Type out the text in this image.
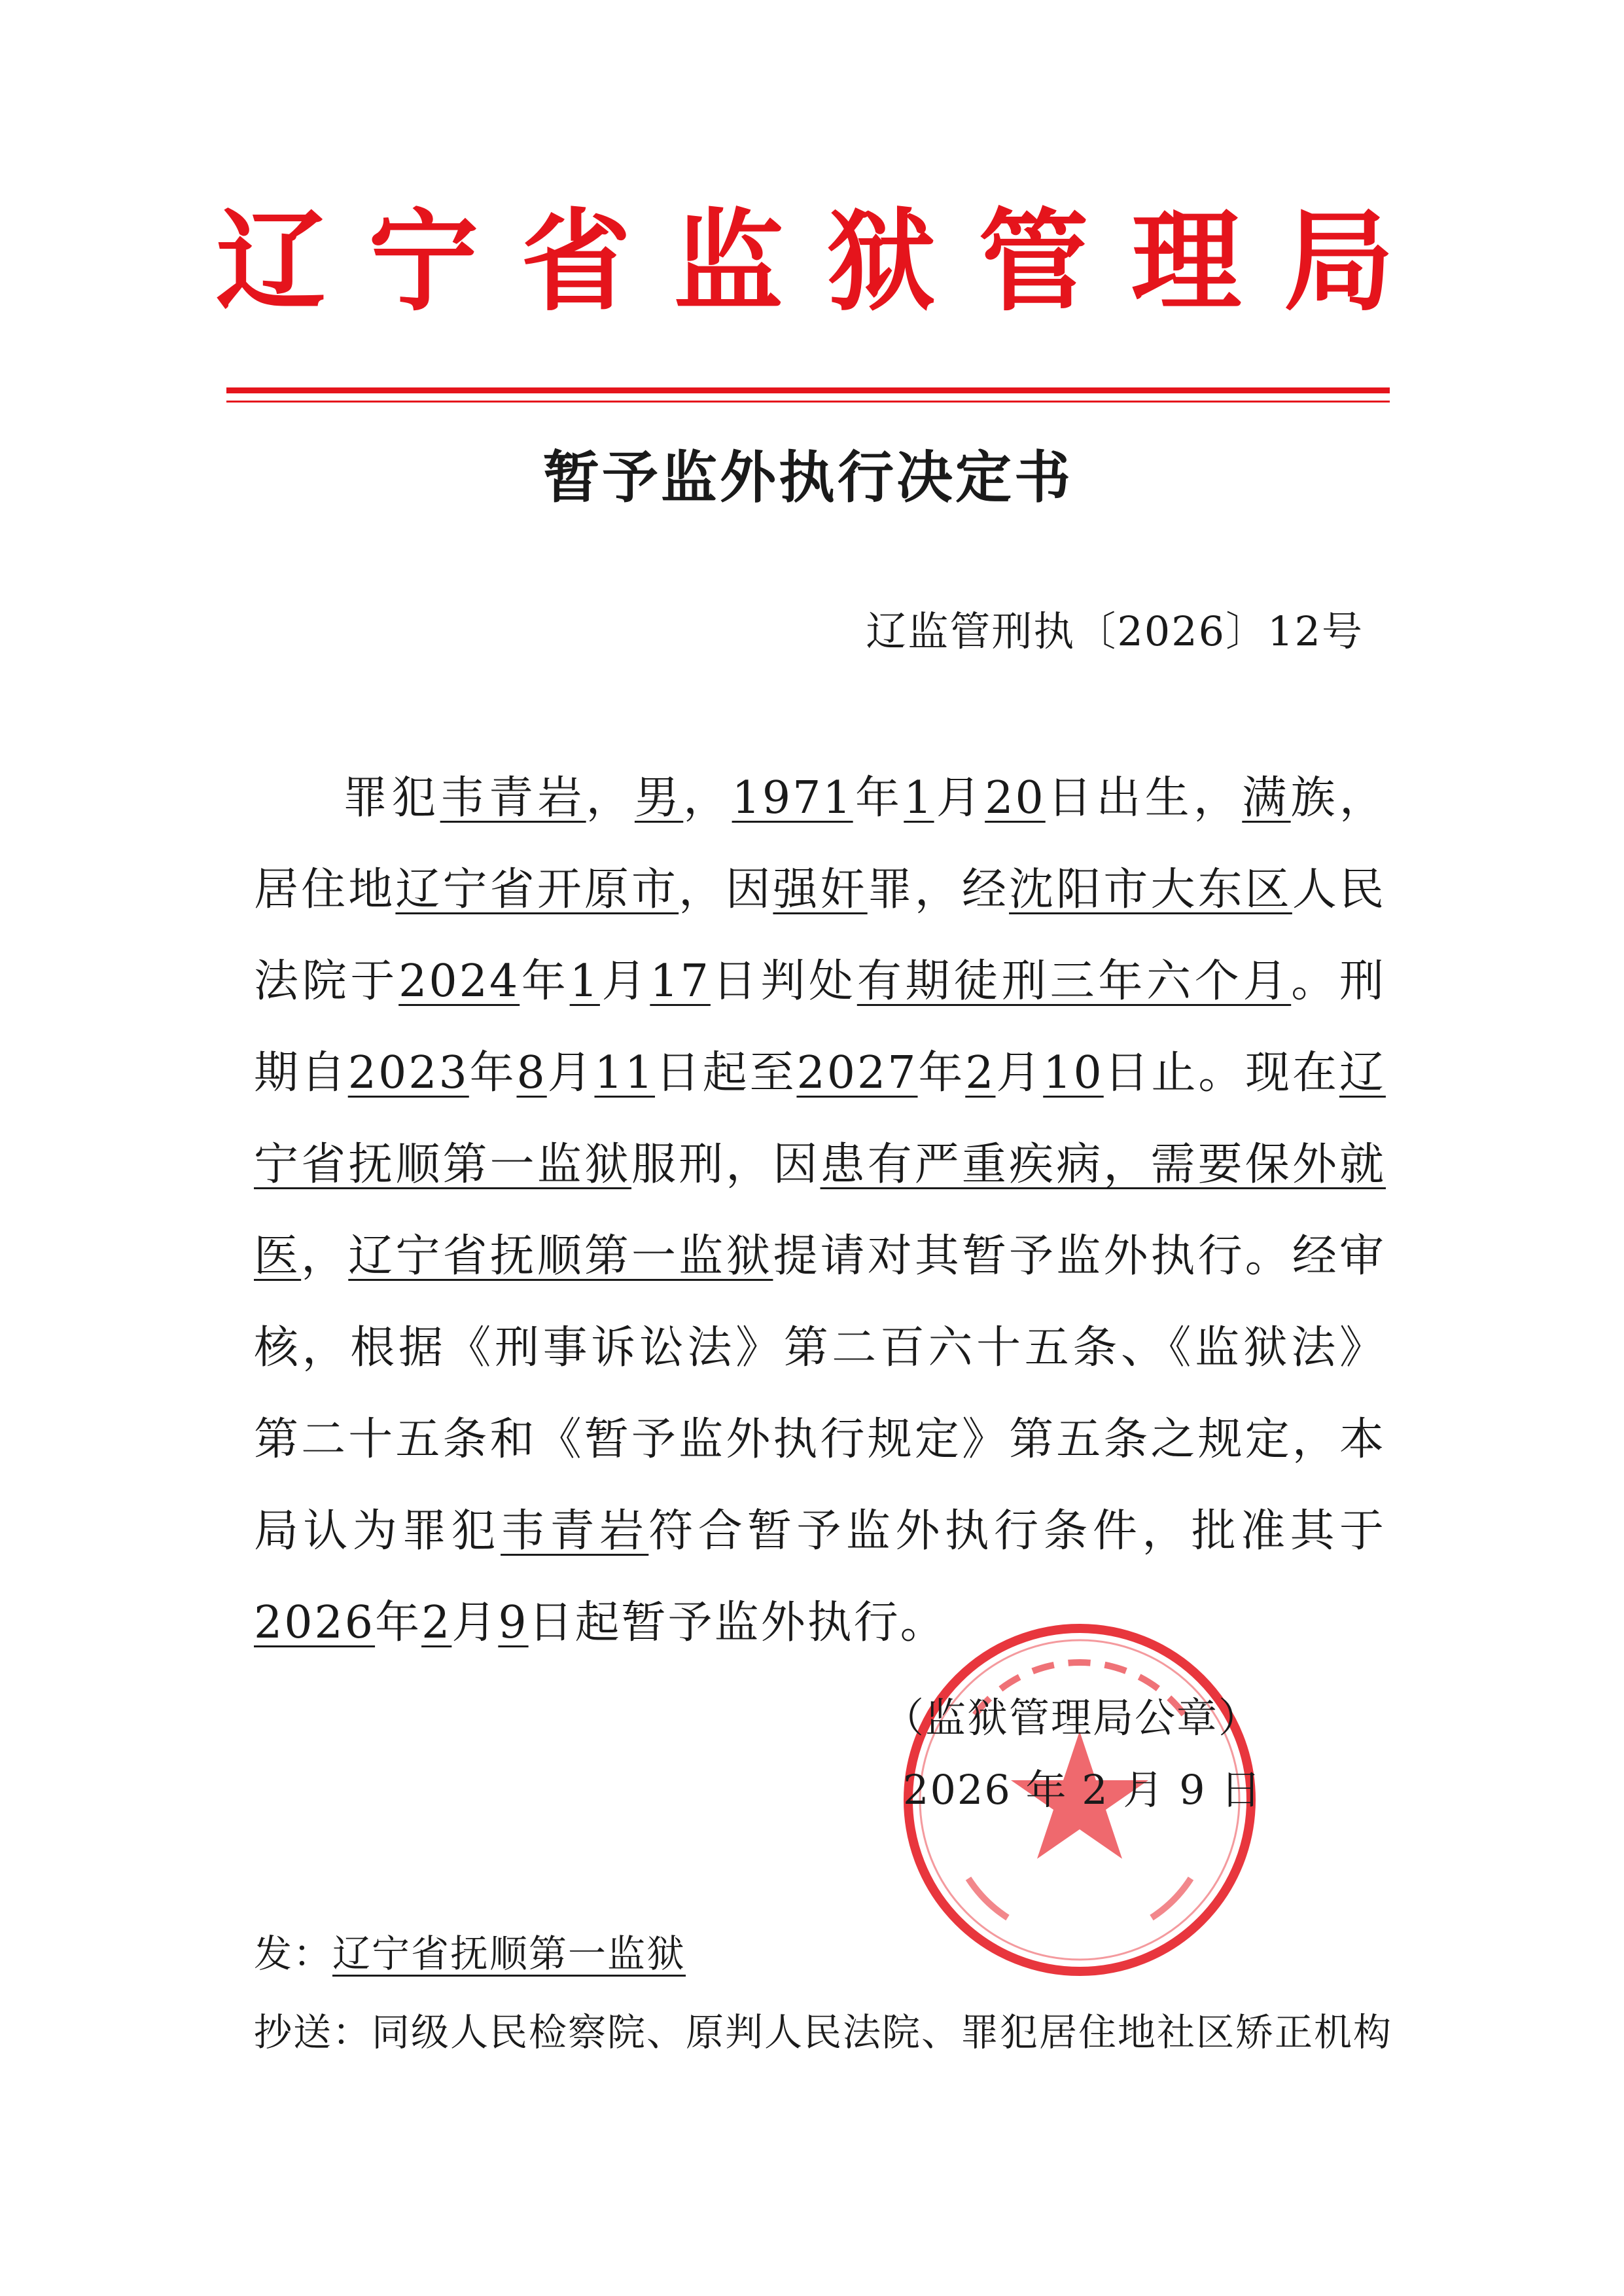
辽 宁 省 监 狱 管 理 局
暂予监外执行决定书
辽监管刑执〔2026〕12号
罪犯韦青岩，男，1971年1月20日出生，满族，居住地辽宁省开原市，因强奸罪，经沈阳市大东区人民法院于2024年1月17日判处有期徒刑三年六个月。刑期自2023年8月11日起至2027年2月10日止。现在辽宁省抚顺第一监狱服刑，因患有严重疾病，需要保外就医，辽宁省抚顺第一监狱提请对其暂予监外执行。经审核，根据《刑事诉讼法》第二百六十五条、《监狱法》第二十五条和《暂予监外执行规定》第五条之规定，本局认为罪犯韦青岩符合暂予监外执行条件，批准其于2026年2月9日起暂予监外执行。
（监狱管理局公章）
2026 年 2 月 9 日
发：辽宁省抚顺第一监狱
抄送：同级人民检察院、原判人民法院、罪犯居住地社区矫正机构
